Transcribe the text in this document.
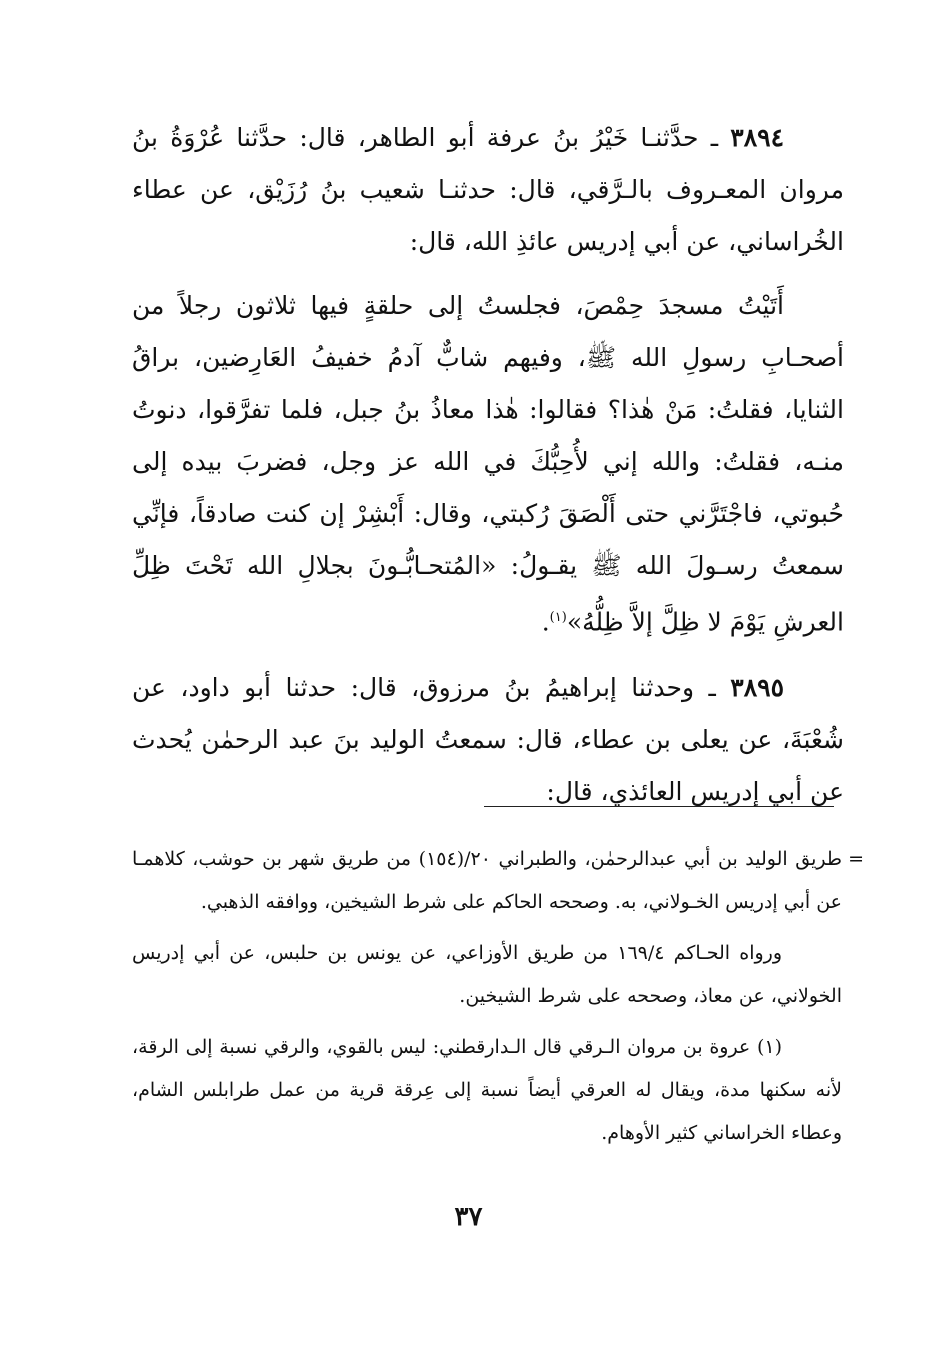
٣٨٩٤ ـ حدَّثنـا خَيْرُ بنُ عرفة أبو الطاهر، قال: حدَّثنا عُرْوَةُ بنُ مروان المعـروف بالـرَّقي، قال: حدثنـا شعيب بنُ رُزَيْق، عن عطاء الخُراساني، عن أبي إدريس عائذِ الله، قال:

أَتَيْتُ مسجدَ حِمْصَ، فجلستُ إلى حلقةٍ فيها ثلاثون رجلاً من أصحـابِ رسولِ الله ﷺ، وفيهم شابٌّ آدمُ خفيفُ العَارِضين، براقُ الثنايا، فقلتُ: مَنْ هٰذا؟ فقالوا: هٰذا معاذُ بنُ جبل، فلما تفرَّقوا، دنوتُ منـه، فقلتُ: والله إني لأُحِبُّكَ في الله عز وجل، فضربَ بيده إلى حُبوتي، فاجْتَرَّني حتى أَلْصَقَ رُكبتي، وقال: أَبْشِرْ إن كنت صادقاً، فإنِّي سمعتُ رسـولَ الله ﷺ يقـولُ: «المُتحـابُّـونَ بجلالِ الله تَحْتَ ظِلِّ العرشِ يَوْمَ لا ظِلَّ إلاَّ ظِلُّهُ»$^{(١)}$.

٣٨٩٥ ـ وحدثنا إبراهيمُ بنُ مرزوق، قال: حدثنا أبو داود، عن شُعْبَةَ، عن يعلى بن عطاء، قال: سمعتُ الوليد بنَ عبد الرحمٰن يُحدث عن أبي إدريس العائذي، قال:

=

طريق الوليد بن أبي عبدالرحمٰن، والطبراني ٢٠/(١٥٤) من طريق شهر بن حوشب، كلاهمـا عن أبي إدريس الخـولاني، به. وصححه الحاكم على شرط الشيخين، ووافقه الذهبي.

ورواه الحـاكم ١٦٩/٤ من طريق الأوزاعي، عن يونس بن حلبس، عن أبي إدريس الخولاني، عن معاذ، وصححه على شرط الشيخين.

(١) عروة بن مروان الـرقي قال الـدارقطني: ليس بالقوي، والرقي نسبة إلى الرقة، لأنه سكنها مدة، ويقال له العرقي أيضاً نسبة إلى عِرقة قرية من عمل طرابلس الشام، وعطاء الخراساني كثير الأوهام.

٣٧
